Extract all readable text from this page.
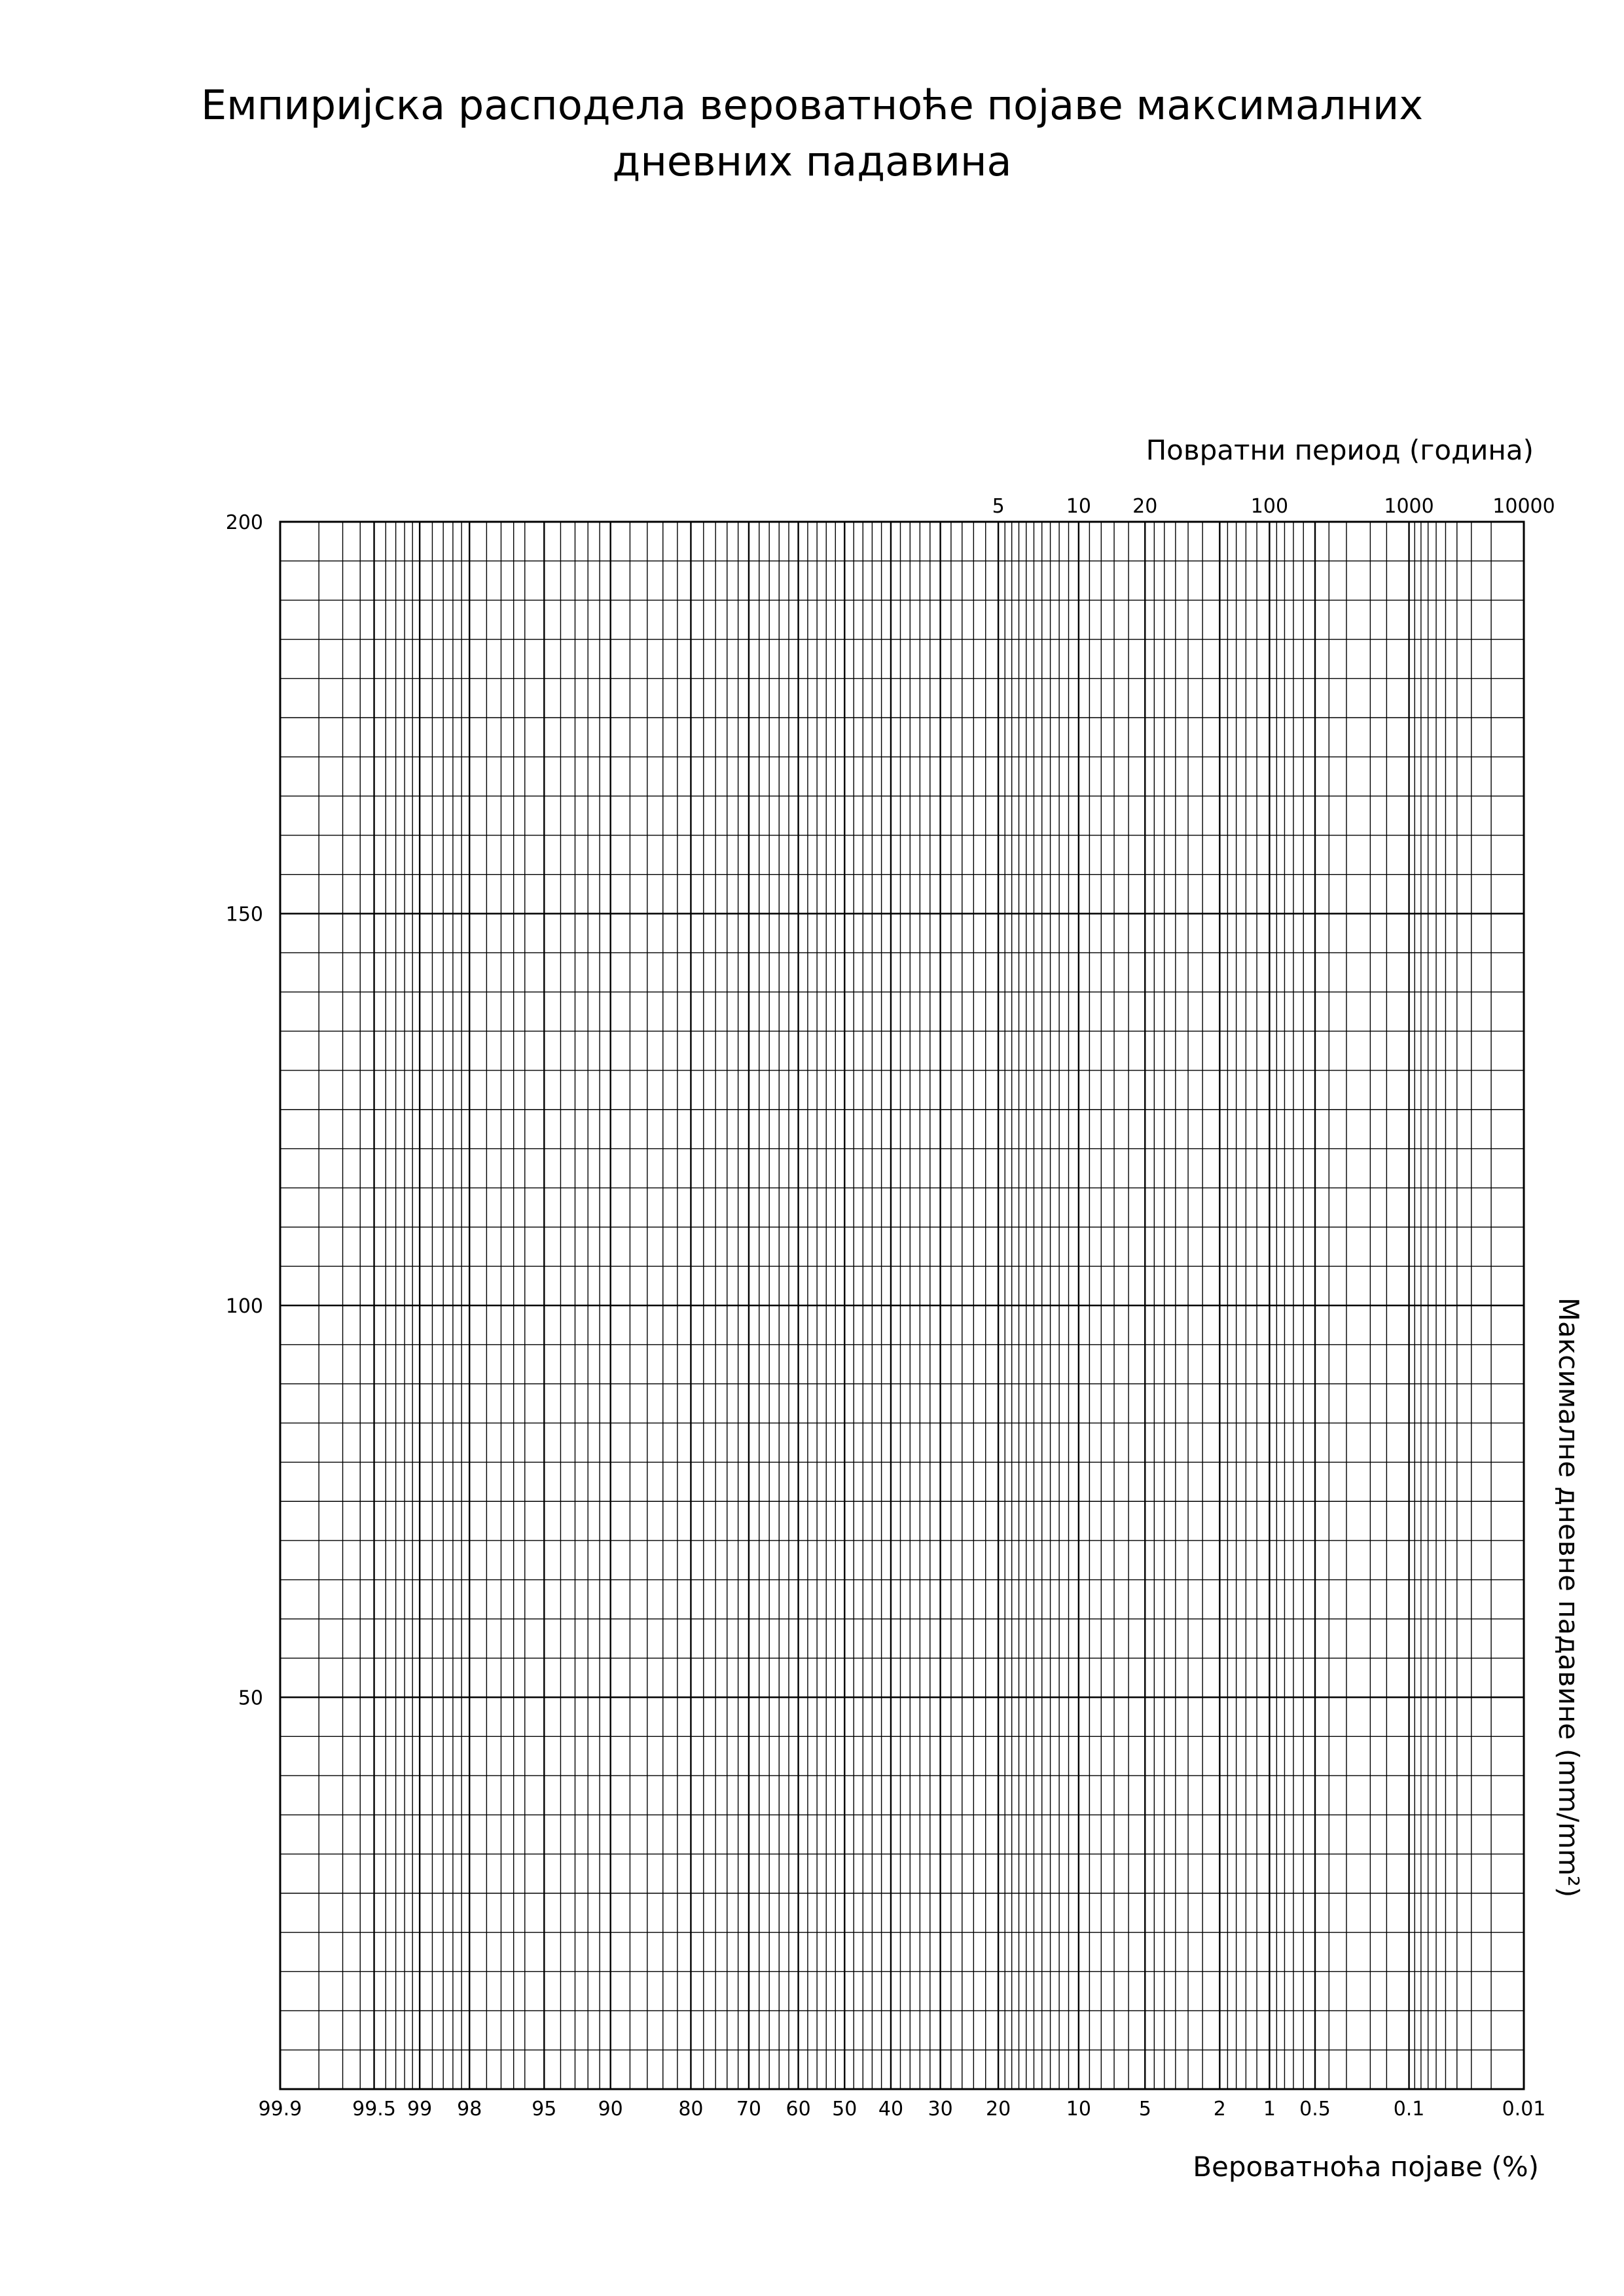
Емпиријска расподела вероватноће појаве максималних
дневних падавина
99.9	99.5 99 98	95 90	80 70 60 50 40 30 20	10 5	2 1 0.5	0.1	0.01
5	10 20	100	1000	10000
50
100
150
200
Вероватноћа појаве (%)
Повратни период (година)
Максималне дневне падавине (mm/mm²)
